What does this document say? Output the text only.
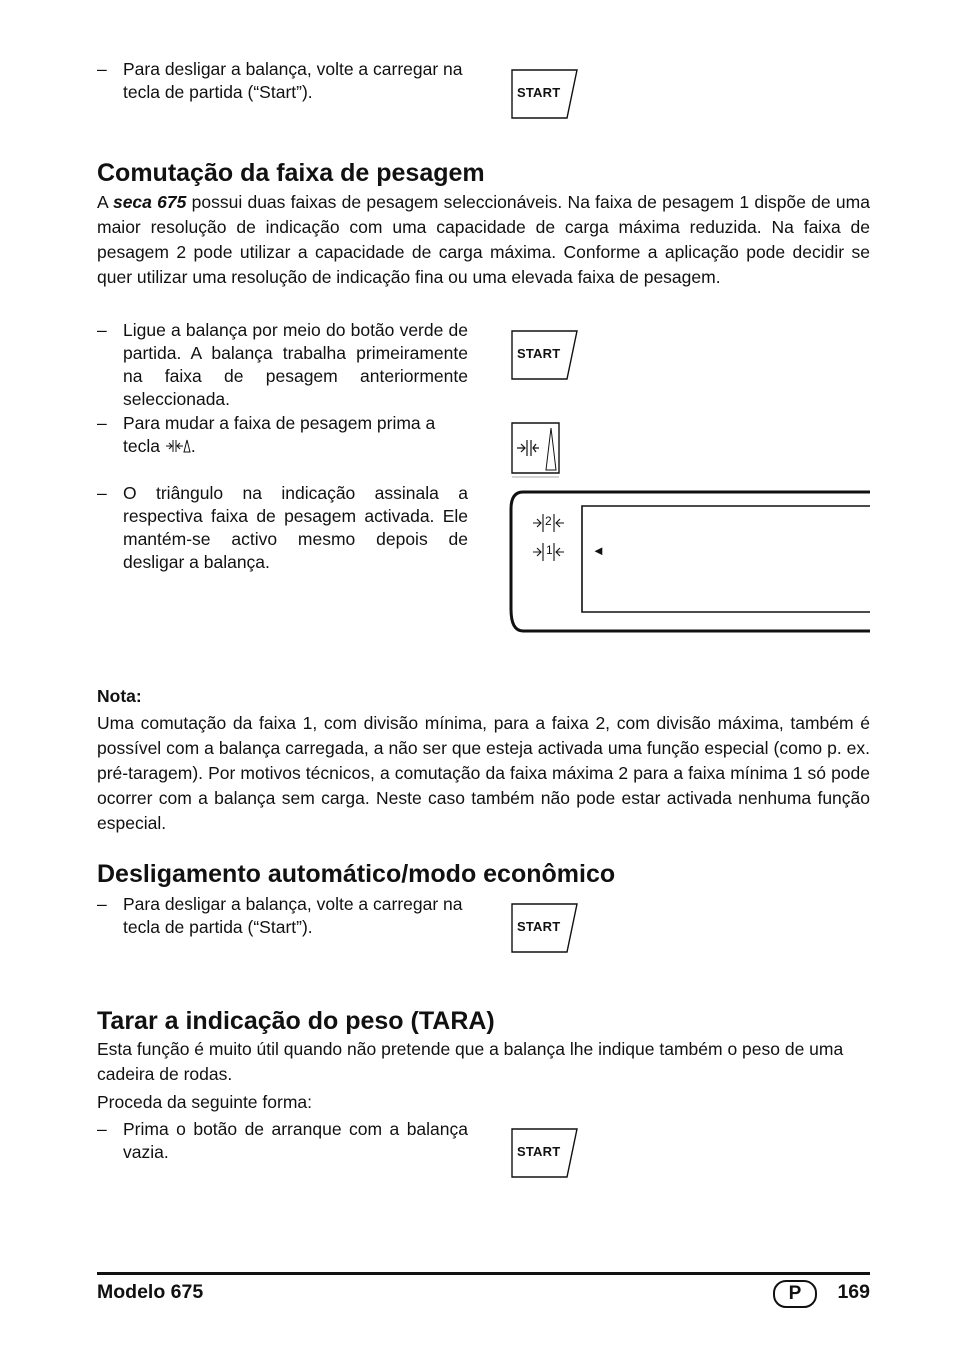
– Para desligar a balança, volte a carregar na tecla de partida (“Start”).	START
Comutação da faixa de pesagem
A seca 675 possui duas faixas de pesagem seleccionáveis. Na faixa de pesagem 1 dispõe de uma maior resolução de indicação com uma capacidade de carga máxima reduzida. Na faixa de pesagem 2 pode utilizar a capacidade de carga máxima. Conforme a aplicação pode decidir se quer utilizar uma resolução de indicação fina ou uma elevada faixa de pesagem.
– Ligue a balança por meio do botão verde de partida. A balança trabalha primeiramente na faixa de pesagem anteriormente seleccionada.
START
– Para mudar a faixa de pesagem prima a tecla .
– O triângulo na indicação assinala a respectiva faixa de pesagem activada. Ele mantém-se activo mesmo depois de desligar a balança.
2
1	◄
Nota:
Uma comutação da faixa 1, com divisão mínima, para a faixa 2, com divisão máxima, também é possível com a balança carregada, a não ser que esteja activada uma função especial (como p. ex. pré-taragem). Por motivos técnicos, a comutação da faixa máxima 2 para a faixa mínima 1 só pode ocorrer com a balança sem carga. Neste caso também não pode estar activada nenhuma função especial.
Desligamento automático/modo econômico
– Para desligar a balança, volte a carregar na tecla de partida (“Start”).	START
Tarar a indicação do peso (TARA)
Esta função é muito útil quando não pretende que a balança lhe indique também o peso de uma cadeira de rodas.
Proceda da seguinte forma:
– Prima o botão de arranque com a balança vazia.	START
Modelo 675	P	169
